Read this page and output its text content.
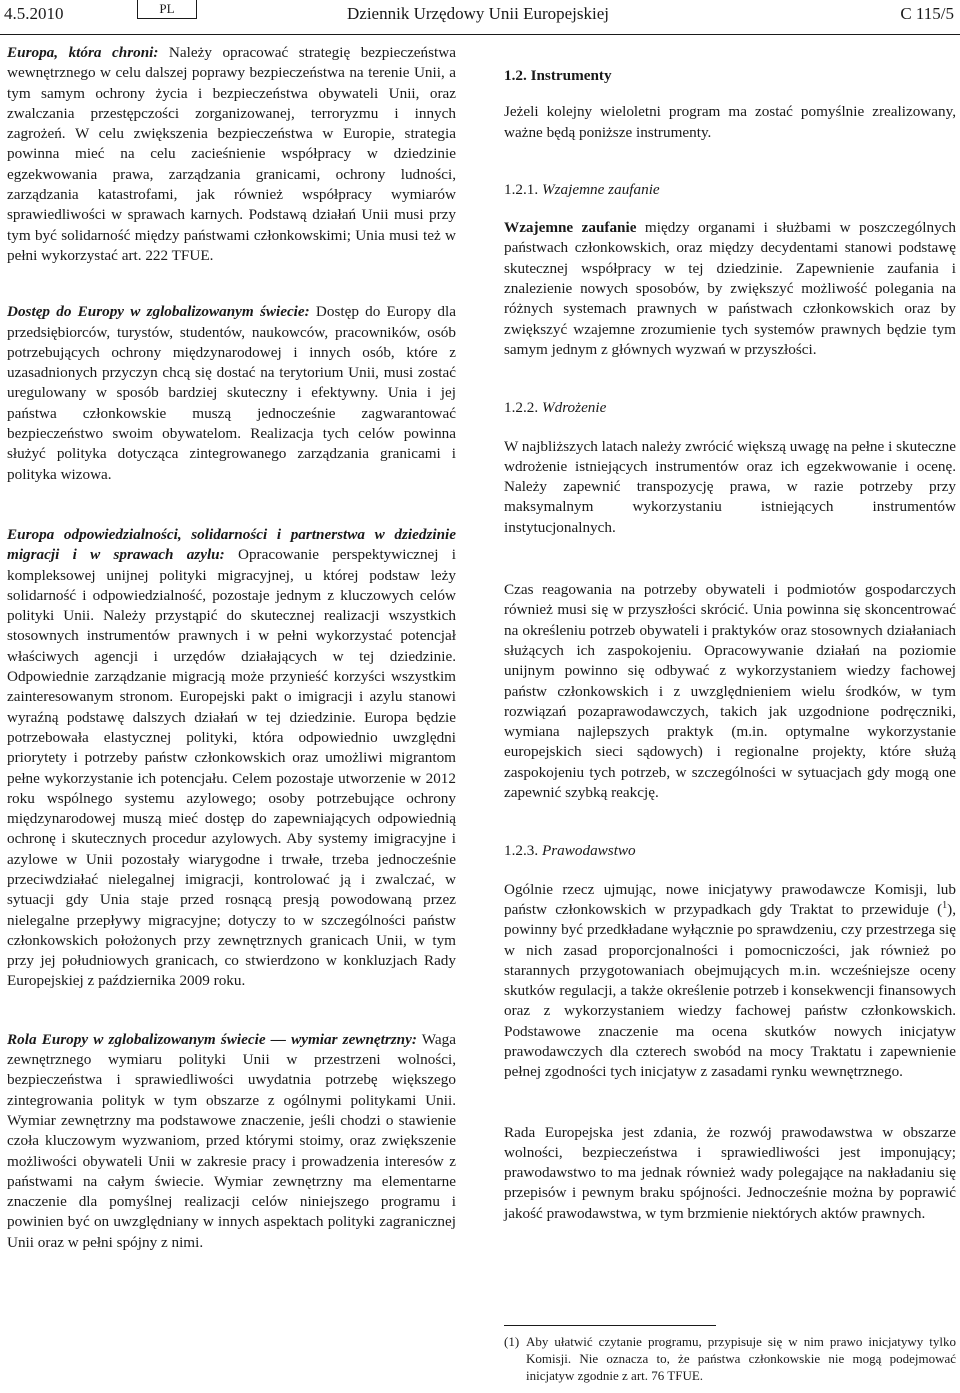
4.5.2010	PL	Dziennik Urzędowy Unii Europejskiej	C 115/5

Europa, która chroni: Należy opracować strategię bezpieczeństwa wewnętrznego w celu dalszej poprawy bezpieczeństwa na terenie Unii, a tym samym ochrony życia i bezpieczeństwa obywateli Unii, oraz zwalczania przestępczości zorganizowanej, terroryzmu i innych zagrożeń. W celu zwiększenia bezpieczeństwa w Europie, strategia powinna mieć na celu zacieśnienie współpracy w dziedzinie egzekwowania prawa, zarządzania granicami, ochrony ludności, zarządzania katastrofami, jak również współpracy wymiarów sprawiedliwości w sprawach karnych. Podstawą działań Unii musi przy tym być solidarność między państwami członkowskimi; Unia musi też w pełni wykorzystać art. 222 TFUE.

Dostęp do Europy w zglobalizowanym świecie: Dostęp do Europy dla przedsiębiorców, turystów, studentów, naukowców, pracowników, osób potrzebujących ochrony międzynarodowej i innych osób, które z uzasadnionych przyczyn chcą się dostać na terytorium Unii, musi zostać uregulowany w sposób bardziej skuteczny i efektywny. Unia i jej państwa członkowskie muszą jednocześnie zagwarantować bezpieczeństwo swoim obywatelom. Realizacja tych celów powinna służyć polityka dotycząca zintegrowanego zarządzania granicami i polityka wizowa.

Europa odpowiedzialności, solidarności i partnerstwa w dziedzinie migracji i w sprawach azylu: Opracowanie perspektywicznej i kompleksowej unijnej polityki migracyjnej, u której podstaw leży solidarność i odpowiedzialność, pozostaje jednym z kluczowych celów polityki Unii. Należy przystąpić do skutecznej realizacji wszystkich stosownych instrumentów prawnych i w pełni wykorzystać potencjał właściwych agencji i urzędów działających w tej dziedzinie. Odpowiednie zarządzanie migracją może przynieść korzyści wszystkim zainteresowanym stronom. Europejski pakt o imigracji i azylu stanowi wyraźną podstawę dalszych działań w tej dziedzinie. Europa będzie potrzebowała elastycznej polityki, która odpowiednio uwzględni priorytety i potrzeby państw członkowskich oraz umożliwi migrantom pełne wykorzystanie ich potencjału. Celem pozostaje utworzenie w 2012 roku wspólnego systemu azylowego; osoby potrzebujące ochrony międzynarodowej muszą mieć dostęp do zapewniających odpowiednią ochronę i skutecznych procedur azylowych. Aby systemy imigracyjne i azylowe w Unii pozostały wiarygodne i trwałe, trzeba jednocześnie przeciwdziałać nielegalnej imigracji, kontrolować ją i zwalczać, w sytuacji gdy Unia staje przed rosnącą presją powodowaną przez nielegalne przepływy migracyjne; dotyczy to w szczególności państw członkowskich położonych przy zewnętrznych granicach Unii, w tym przy jej południowych granicach, co stwierdzono w konkluzjach Rady Europejskiej z października 2009 roku.

Rola Europy w zglobalizowanym świecie — wymiar zewnętrzny: Waga zewnętrznego wymiaru polityki Unii w przestrzeni wolności, bezpieczeństwa i sprawiedliwości uwydatnia potrzebę większego zintegrowania polityk w tym obszarze z ogólnymi politykami Unii. Wymiar zewnętrzny ma podstawowe znaczenie, jeśli chodzi o stawienie czoła kluczowym wyzwaniom, przed którymi stoimy, oraz zwiększenie możliwości obywateli Unii w zakresie pracy i prowadzenia interesów z państwami na całym świecie. Wymiar zewnętrzny ma elementarne znaczenie dla pomyślnej realizacji celów niniejszego programu i powinien być on uwzględniany w innych aspektach polityki zagranicznej Unii oraz w pełni spójny z nimi.

1.2. Instrumenty

Jeżeli kolejny wieloletni program ma zostać pomyślnie zrealizowany, ważne będą poniższe instrumenty.

1.2.1. Wzajemne zaufanie

Wzajemne zaufanie między organami i służbami w poszczególnych państwach członkowskich, oraz między decydentami stanowi podstawę skutecznej współpracy w tej dziedzinie. Zapewnienie zaufania i znalezienie nowych sposobów, by zwiększyć możliwość polegania na różnych systemach prawnych w państwach członkowskich oraz by zwiększyć wzajemne zrozumienie tych systemów prawnych będzie tym samym jednym z głównych wyzwań w przyszłości.

1.2.2. Wdrożenie

W najbliższych latach należy zwrócić większą uwagę na pełne i skuteczne wdrożenie istniejących instrumentów oraz ich egzekwowanie i ocenę. Należy zapewnić transpozycję prawa, w razie potrzeby przy maksymalnym wykorzystaniu istniejących instrumentów instytucjonalnych.

Czas reagowania na potrzeby obywateli i podmiotów gospodarczych również musi się w przyszłości skrócić. Unia powinna się skoncentrować na określeniu potrzeb obywateli i praktyków oraz stosownych działaniach służących ich zaspokojeniu. Opracowywanie działań na poziomie unijnym powinno się odbywać z wykorzystaniem wiedzy fachowej państw członkowskich i z uwzględnieniem wielu środków, w tym rozwiązań pozaprawodawczych, takich jak uzgodnione podręczniki, wymiana najlepszych praktyk (m.in. optymalne wykorzystanie europejskich sieci sądowych) i regionalne projekty, które służą zaspokojeniu tych potrzeb, w szczególności w sytuacjach gdy mogą one zapewnić szybką reakcję.

1.2.3. Prawodawstwo

Ogólnie rzecz ujmując, nowe inicjatywy prawodawcze Komisji, lub państw członkowskich w przypadkach gdy Traktat to przewiduje ($^1$), powinny być przedkładane wyłącznie po sprawdzeniu, czy przestrzega się w nich zasad proporcjonalności i pomocniczości, jak również po starannych przygotowaniach obejmujących m.in. wcześniejsze oceny skutków regulacji, a także określenie potrzeb i konsekwencji finansowych oraz z wykorzystaniem wiedzy fachowej państw członkowskich. Podstawowe znaczenie ma ocena skutków nowych inicjatyw prawodawczych dla czterech swobód na mocy Traktatu i zapewnienie pełnej zgodności tych inicjatyw z zasadami rynku wewnętrznego.

Rada Europejska jest zdania, że rozwój prawodawstwa w obszarze wolności, bezpieczeństwa i sprawiedliwości jest imponujący; prawodawstwo to ma jednak również wady polegające na nakładaniu się przepisów i pewnym braku spójności. Jednocześnie można by poprawić jakość prawodawstwa, w tym brzmienie niektórych aktów prawnych.

(1) Aby ułatwić czytanie programu, przypisuje się w nim prawo inicjatywy tylko Komisji. Nie oznacza to, że państwa członkowskie nie mogą podejmować inicjatyw zgodnie z art. 76 TFUE.
